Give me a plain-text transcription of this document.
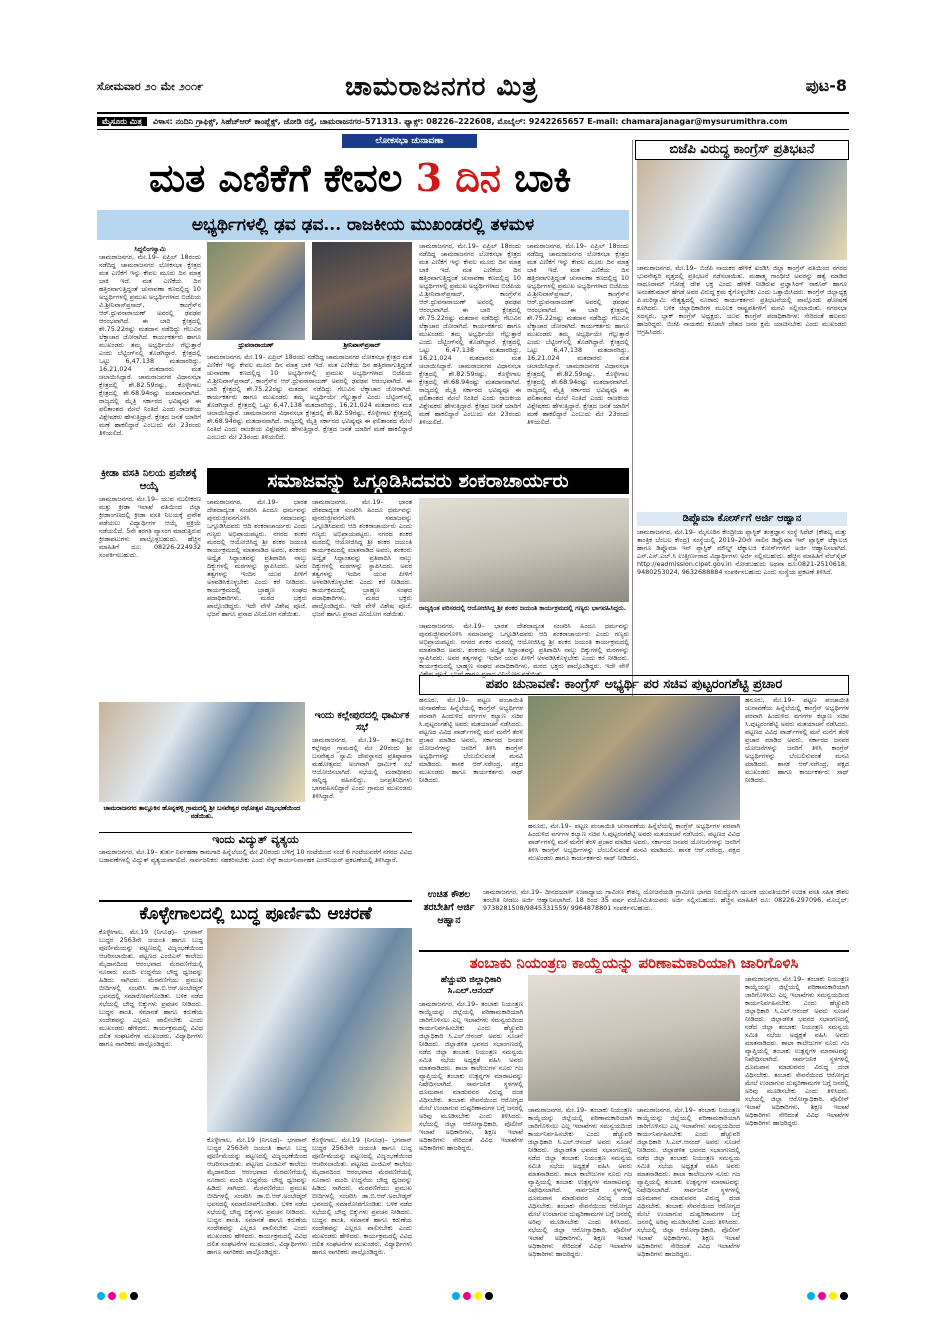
ಸೋಮವಾರ ೨೦ ಮೇ ೨೦೧೯	ಚಾಮರಾಜನಗರ ಮಿತ್ರ	ಪುಟ-8
ಮೈಸೂರು ಮಿತ್ರ ವಿಳಾಸ: ನಂದಿನಿ ಗ್ರಾಫಿಕ್ಸ್, ಸಿಹೆಚ್‌ಆರ್ ಕಾಂಪ್ಲೆಕ್ಸ್, ಜೋಡಿ ರಸ್ತೆ, ಚಾಮರಾಜನಗರ–571313. ಫ್ಯಾಕ್ಸ್: 08226–222608, ಮೊಬೈಲ್: 9242265657 E-mail: chamarajanagar@mysurumithra.com
ಲೋಕಸಭಾ ಚುನಾವಣಾ
ಮತ ಎಣಿಕೆಗೆ ಕೇವಲ 3 ದಿನ ಬಾಕಿ
ಅಭ್ಯರ್ಥಿಗಳಲ್ಲಿ ಢವ ಢವ... ರಾಜಕೀಯ ಮುಖಂಡರಲ್ಲಿ ತಳಮಳ
ಸಿದ್ದಲಿಂಗಸ್ವಾಮಿ
ಚಾಮರಾಜನಗರ, ಮೇ.19– ಏಪ್ರಿಲ್ 18ರಂದು ನಡೆದಿದ್ದ ಚಾಮರಾಜನಗರ ಲೋಕಸಭಾ ಕ್ಷೇತ್ರದ ಮತ ಎಣಿಕೆಗೆ ಇನ್ನು ಕೇವಲ ಮೂರು ದಿನ ಮಾತ್ರ ಬಾಕಿ ಇದೆ. ಮತ ಎಣಿಕೆಯ ದಿನ ಹತ್ತಿರವಾಗುತ್ತಿದ್ದಂತೆ ಚುನಾವಣಾ ಕಣದಲ್ಲಿದ್ದ 10 ಅಭ್ಯರ್ಥಿಗಳಲ್ಲಿ ಪ್ರಮುಖ ಅಭ್ಯರ್ಥಿಗಳಾದ ಬಿಜೆಪಿಯ ವಿ.ಶ್ರೀನಿವಾಸ್‌ಪ್ರಸಾದ್, ಕಾಂಗ್ರೆಸ್‌ನ ಆರ್.ಧ್ರುವನಾರಾಯಣ್ ಅವರಲ್ಲಿ ಢವಢವ ಆರಂಭವಾಗಿದೆ. ಈ ಬಾರಿ ಕ್ಷೇತ್ರದಲ್ಲಿ ಶೇ.75.22ರಷ್ಟು ಮತದಾನ ನಡೆದಿದ್ದು ಗೆಲುವಿನ ಲೆಕ್ಕಾಚಾರ ಜೋರಾಗಿದೆ. ಕಾರ್ಯಕರ್ತರು ಹಾಗೂ ಮುಖಂಡರು ತಮ್ಮ ಅಭ್ಯರ್ಥಿಯೇ ಗೆಲ್ಲುತ್ತಾರೆ ಎಂದು ಬೆಟ್ಟಿಂಗ್‌ನಲ್ಲಿ ತೊಡಗಿದ್ದಾರೆ. ಕ್ಷೇತ್ರದಲ್ಲಿ ಒಟ್ಟು 6,47,138 ಮತದಾರರಿದ್ದು, 16,21,024 ಮತದಾರರು ಮತ ಚಲಾಯಿಸಿದ್ದಾರೆ. ಚಾಮರಾಜನಗರ ವಿಧಾನಸಭಾ ಕ್ಷೇತ್ರದಲ್ಲಿ ಶೇ.82.59ರಷ್ಟು, ಕೊಳ್ಳೇಗಾಲ ಕ್ಷೇತ್ರದಲ್ಲಿ ಶೇ.68.94ರಷ್ಟು ಮತದಾನವಾಗಿದೆ. ರಾಜ್ಯದಲ್ಲಿ ಮೈತ್ರಿ ಸರ್ಕಾರದ ಭವಿಷ್ಯವೂ ಈ ಫಲಿತಾಂಶದ ಮೇಲೆ ನಿಂತಿದೆ ಎಂದು ರಾಜಕೀಯ ವಿಶ್ಲೇಷಕರು ಹೇಳುತ್ತಿದ್ದಾರೆ. ಕ್ಷೇತ್ರದ ಜನತೆ ಯಾರಿಗೆ ಮಣೆ ಹಾಕಲಿದ್ದಾರೆ ಎಂಬುದು ಮೇ 23ರಂದು ತಿಳಿಯಲಿದೆ.
ಧ್ರುವನಾರಾಯಣ್	ಶ್ರೀನಿವಾಸ್‌ಪ್ರಸಾದ್
ಚಾಮರಾಜನಗರ, ಮೇ.19– ಏಪ್ರಿಲ್ 18ರಂದು ನಡೆದಿದ್ದ ಚಾಮರಾಜನಗರ ಲೋಕಸಭಾ ಕ್ಷೇತ್ರದ ಮತ ಎಣಿಕೆಗೆ ಇನ್ನು ಕೇವಲ ಮೂರು ದಿನ ಮಾತ್ರ ಬಾಕಿ ಇದೆ. ಮತ ಎಣಿಕೆಯ ದಿನ ಹತ್ತಿರವಾಗುತ್ತಿದ್ದಂತೆ ಚುನಾವಣಾ ಕಣದಲ್ಲಿದ್ದ 10 ಅಭ್ಯರ್ಥಿಗಳಲ್ಲಿ ಪ್ರಮುಖ ಅಭ್ಯರ್ಥಿಗಳಾದ ಬಿಜೆಪಿಯ ವಿ.ಶ್ರೀನಿವಾಸ್‌ಪ್ರಸಾದ್, ಕಾಂಗ್ರೆಸ್‌ನ ಆರ್.ಧ್ರುವನಾರಾಯಣ್ ಅವರಲ್ಲಿ ಢವಢವ ಆರಂಭವಾಗಿದೆ. ಈ ಬಾರಿ ಕ್ಷೇತ್ರದಲ್ಲಿ ಶೇ.75.22ರಷ್ಟು ಮತದಾನ ನಡೆದಿದ್ದು ಗೆಲುವಿನ ಲೆಕ್ಕಾಚಾರ ಜೋರಾಗಿದೆ. ಕಾರ್ಯಕರ್ತರು ಹಾಗೂ ಮುಖಂಡರು ತಮ್ಮ ಅಭ್ಯರ್ಥಿಯೇ ಗೆಲ್ಲುತ್ತಾರೆ ಎಂದು ಬೆಟ್ಟಿಂಗ್‌ನಲ್ಲಿ ತೊಡಗಿದ್ದಾರೆ. ಕ್ಷೇತ್ರದಲ್ಲಿ ಒಟ್ಟು 6,47,138 ಮತದಾರರಿದ್ದು, 16,21,024 ಮತದಾರರು ಮತ ಚಲಾಯಿಸಿದ್ದಾರೆ. ಚಾಮರಾಜನಗರ ವಿಧಾನಸಭಾ ಕ್ಷೇತ್ರದಲ್ಲಿ ಶೇ.82.59ರಷ್ಟು, ಕೊಳ್ಳೇಗಾಲ ಕ್ಷೇತ್ರದಲ್ಲಿ ಶೇ.68.94ರಷ್ಟು ಮತದಾನವಾಗಿದೆ. ರಾಜ್ಯದಲ್ಲಿ ಮೈತ್ರಿ ಸರ್ಕಾರದ ಭವಿಷ್ಯವೂ ಈ ಫಲಿತಾಂಶದ ಮೇಲೆ ನಿಂತಿದೆ ಎಂದು ರಾಜಕೀಯ ವಿಶ್ಲೇಷಕರು ಹೇಳುತ್ತಿದ್ದಾರೆ. ಕ್ಷೇತ್ರದ ಜನತೆ ಯಾರಿಗೆ ಮಣೆ ಹಾಕಲಿದ್ದಾರೆ ಎಂಬುದು ಮೇ 23ರಂದು ತಿಳಿಯಲಿದೆ.
ಚಾಮರಾಜನಗರ, ಮೇ.19– ಏಪ್ರಿಲ್ 18ರಂದು ನಡೆದಿದ್ದ ಚಾಮರಾಜನಗರ ಲೋಕಸಭಾ ಕ್ಷೇತ್ರದ ಮತ ಎಣಿಕೆಗೆ ಇನ್ನು ಕೇವಲ ಮೂರು ದಿನ ಮಾತ್ರ ಬಾಕಿ ಇದೆ. ಮತ ಎಣಿಕೆಯ ದಿನ ಹತ್ತಿರವಾಗುತ್ತಿದ್ದಂತೆ ಚುನಾವಣಾ ಕಣದಲ್ಲಿದ್ದ 10 ಅಭ್ಯರ್ಥಿಗಳಲ್ಲಿ ಪ್ರಮುಖ ಅಭ್ಯರ್ಥಿಗಳಾದ ಬಿಜೆಪಿಯ ವಿ.ಶ್ರೀನಿವಾಸ್‌ಪ್ರಸಾದ್, ಕಾಂಗ್ರೆಸ್‌ನ ಆರ್.ಧ್ರುವನಾರಾಯಣ್ ಅವರಲ್ಲಿ ಢವಢವ ಆರಂಭವಾಗಿದೆ. ಈ ಬಾರಿ ಕ್ಷೇತ್ರದಲ್ಲಿ ಶೇ.75.22ರಷ್ಟು ಮತದಾನ ನಡೆದಿದ್ದು ಗೆಲುವಿನ ಲೆಕ್ಕಾಚಾರ ಜೋರಾಗಿದೆ. ಕಾರ್ಯಕರ್ತರು ಹಾಗೂ ಮುಖಂಡರು ತಮ್ಮ ಅಭ್ಯರ್ಥಿಯೇ ಗೆಲ್ಲುತ್ತಾರೆ ಎಂದು ಬೆಟ್ಟಿಂಗ್‌ನಲ್ಲಿ ತೊಡಗಿದ್ದಾರೆ. ಕ್ಷೇತ್ರದಲ್ಲಿ ಒಟ್ಟು 6,47,138 ಮತದಾರರಿದ್ದು, 16,21,024 ಮತದಾರರು ಮತ ಚಲಾಯಿಸಿದ್ದಾರೆ. ಚಾಮರಾಜನಗರ ವಿಧಾನಸಭಾ ಕ್ಷೇತ್ರದಲ್ಲಿ ಶೇ.82.59ರಷ್ಟು, ಕೊಳ್ಳೇಗಾಲ ಕ್ಷೇತ್ರದಲ್ಲಿ ಶೇ.68.94ರಷ್ಟು ಮತದಾನವಾಗಿದೆ. ರಾಜ್ಯದಲ್ಲಿ ಮೈತ್ರಿ ಸರ್ಕಾರದ ಭವಿಷ್ಯವೂ ಈ ಫಲಿತಾಂಶದ ಮೇಲೆ ನಿಂತಿದೆ ಎಂದು ರಾಜಕೀಯ ವಿಶ್ಲೇಷಕರು ಹೇಳುತ್ತಿದ್ದಾರೆ. ಕ್ಷೇತ್ರದ ಜನತೆ ಯಾರಿಗೆ ಮಣೆ ಹಾಕಲಿದ್ದಾರೆ ಎಂಬುದು ಮೇ 23ರಂದು ತಿಳಿಯಲಿದೆ.
ಚಾಮರಾಜನಗರ, ಮೇ.19– ಏಪ್ರಿಲ್ 18ರಂದು ನಡೆದಿದ್ದ ಚಾಮರಾಜನಗರ ಲೋಕಸಭಾ ಕ್ಷೇತ್ರದ ಮತ ಎಣಿಕೆಗೆ ಇನ್ನು ಕೇವಲ ಮೂರು ದಿನ ಮಾತ್ರ ಬಾಕಿ ಇದೆ. ಮತ ಎಣಿಕೆಯ ದಿನ ಹತ್ತಿರವಾಗುತ್ತಿದ್ದಂತೆ ಚುನಾವಣಾ ಕಣದಲ್ಲಿದ್ದ 10 ಅಭ್ಯರ್ಥಿಗಳಲ್ಲಿ ಪ್ರಮುಖ ಅಭ್ಯರ್ಥಿಗಳಾದ ಬಿಜೆಪಿಯ ವಿ.ಶ್ರೀನಿವಾಸ್‌ಪ್ರಸಾದ್, ಕಾಂಗ್ರೆಸ್‌ನ ಆರ್.ಧ್ರುವನಾರಾಯಣ್ ಅವರಲ್ಲಿ ಢವಢವ ಆರಂಭವಾಗಿದೆ. ಈ ಬಾರಿ ಕ್ಷೇತ್ರದಲ್ಲಿ ಶೇ.75.22ರಷ್ಟು ಮತದಾನ ನಡೆದಿದ್ದು ಗೆಲುವಿನ ಲೆಕ್ಕಾಚಾರ ಜೋರಾಗಿದೆ. ಕಾರ್ಯಕರ್ತರು ಹಾಗೂ ಮುಖಂಡರು ತಮ್ಮ ಅಭ್ಯರ್ಥಿಯೇ ಗೆಲ್ಲುತ್ತಾರೆ ಎಂದು ಬೆಟ್ಟಿಂಗ್‌ನಲ್ಲಿ ತೊಡಗಿದ್ದಾರೆ. ಕ್ಷೇತ್ರದಲ್ಲಿ ಒಟ್ಟು 6,47,138 ಮತದಾರರಿದ್ದು, 16,21,024 ಮತದಾರರು ಮತ ಚಲಾಯಿಸಿದ್ದಾರೆ. ಚಾಮರಾಜನಗರ ವಿಧಾನಸಭಾ ಕ್ಷೇತ್ರದಲ್ಲಿ ಶೇ.82.59ರಷ್ಟು, ಕೊಳ್ಳೇಗಾಲ ಕ್ಷೇತ್ರದಲ್ಲಿ ಶೇ.68.94ರಷ್ಟು ಮತದಾನವಾಗಿದೆ. ರಾಜ್ಯದಲ್ಲಿ ಮೈತ್ರಿ ಸರ್ಕಾರದ ಭವಿಷ್ಯವೂ ಈ ಫಲಿತಾಂಶದ ಮೇಲೆ ನಿಂತಿದೆ ಎಂದು ರಾಜಕೀಯ ವಿಶ್ಲೇಷಕರು ಹೇಳುತ್ತಿದ್ದಾರೆ. ಕ್ಷೇತ್ರದ ಜನತೆ ಯಾರಿಗೆ ಮಣೆ ಹಾಕಲಿದ್ದಾರೆ ಎಂಬುದು ಮೇ 23ರಂದು ತಿಳಿಯಲಿದೆ.
ಬಿಜೆಪಿ ವಿರುದ್ಧ ಕಾಂಗ್ರೆಸ್ ಪ್ರತಿಭಟನೆ
ಚಾಮರಾಜನಗರ, ಮೇ.19– ಬಿಜೆಪಿ ನಾಯಕರ ಹೇಳಿಕೆ ಖಂಡಿಸಿ ಜಿಲ್ಲಾ ಕಾಂಗ್ರೆಸ್ ವತಿಯಿಂದ ನಗರದ ಭುವನೇಶ್ವರಿ ವೃತ್ತದಲ್ಲಿ ಪ್ರತಿಭಟನೆ ನಡೆಸಲಾಯಿತು. ಮಹಾತ್ಮ ಗಾಂಧೀಜಿ ಅವರನ್ನು ಹತ್ಯೆ ಮಾಡಿದ ನಾಥೂರಾಮ್ ಗೋಡ್ಸೆ ದೇಶ ಭಕ್ತ ಎಂದು ಹೇಳಿಕೆ ನೀಡಿರುವ ಪ್ರಜ್ಞಾಸಿಂಗ್ ಠಾಕೂರ್ ಹಾಗೂ ಅನಂತಕುಮಾರ್ ಹೆಗಡೆ ಅವರ ವಿರುದ್ಧ ಕ್ರಮ ಕೈಗೊಳ್ಳಬೇಕು ಎಂದು ಒತ್ತಾಯಿಸಿದರು. ಕಾಂಗ್ರೆಸ್ ಜಿಲ್ಲಾಧ್ಯಕ್ಷ ಪಿ.ಮರಿಸ್ವಾಮಿ ನೇತೃತ್ವದಲ್ಲಿ ನೂರಾರು ಕಾರ್ಯಕರ್ತರು ಪ್ರತಿಭಟನೆಯಲ್ಲಿ ಪಾಲ್ಗೊಂಡು ಘೋಷಣೆ ಕೂಗಿದರು. ಬಳಿಕ ಜಿಲ್ಲಾಧಿಕಾರಿಗಳ ಮೂಲಕ ರಾಷ್ಟ್ರಪತಿಗಳಿಗೆ ಮನವಿ ಸಲ್ಲಿಸಲಾಯಿತು. ನಗರಸಭಾ ಸದಸ್ಯರು, ಬ್ಲಾಕ್ ಕಾಂಗ್ರೆಸ್ ಅಧ್ಯಕ್ಷರು, ಯುವ ಕಾಂಗ್ರೆಸ್ ಪದಾಧಿಕಾರಿಗಳು ಸೇರಿದಂತೆ ಹಲವರು ಹಾಜರಿದ್ದರು. ಬಿಜೆಪಿ ನಾಯಕರು ಕೂಡಲೇ ದೇಶದ ಜನರ ಕ್ಷಮೆ ಯಾಚಿಸಬೇಕು ಎಂದು ಮುಖಂಡರು ಆಗ್ರಹಿಸಿದರು.
ಡಿಪ್ಲೊಮಾ ಕೋರ್ಸ್‌ಗೆ ಅರ್ಜಿ ಆಹ್ವಾನ
ಚಾಮರಾಜನಗರ, ಮೇ.19– ಮೈಸೂರಿನ ಕೇಂದ್ರೀಯ ಪ್ಲಾಸ್ಟಿಕ್ ತಂತ್ರಜ್ಞಾನ ಸಂಸ್ಥೆ ಸಿಪೆಟ್ (ಕೌಶಲ್ಯ ಮತ್ತು ತಾಂತ್ರಿಕ ಬೆಂಬಲ ಕೇಂದ್ರ) ಸಂಸ್ಥೆಯಲ್ಲಿ 2019–20ನೇ ಸಾಲಿನ ಡಿಪ್ಲೊಮಾ ಇನ್ ಪ್ಲಾಸ್ಟಿಕ್ ಟೆಕ್ನಾಲಜಿ ಹಾಗೂ ಡಿಪ್ಲೊಮಾ ಇನ್ ಪ್ಲಾಸ್ಟಿಕ್ ಮೌಲ್ಡ್ ಟೆಕ್ನಾಲಜಿ ಕೋರ್ಸ್‌ಗಳಿಗೆ ಅರ್ಜಿ ಆಹ್ವಾನಿಸಲಾಗಿದೆ. ಎಸ್.ಎಸ್.ಎಲ್.ಸಿ ಉತ್ತೀರ್ಣರಾದ ವಿದ್ಯಾರ್ಥಿಗಳು ಅರ್ಜಿ ಸಲ್ಲಿಸಬಹುದು. ಹೆಚ್ಚಿನ ಮಾಹಿತಿಗೆ ವೆಬ್‌ಸೈಟ್ http://eadmission.cipet.gov.in ನೋಡಬಹುದು ಅಥವಾ ದೂ:0821-2510618, 9480253024, 9632688884 ಸಂಪರ್ಕಿಸಬಹುದು ಎಂದು ಸಂಸ್ಥೆಯ ಪ್ರಕಟಣೆ ತಿಳಿಸಿದೆ.
ಕ್ರೀಡಾ ವಸತಿ ನಿಲಯ ಪ್ರವೇಶಕ್ಕೆ ಆಯ್ಕೆ
ಚಾಮರಾಜನಗರ, ಮೇ.19– ಯುವ ಸಬಲೀಕರಣ ಮತ್ತು ಕ್ರೀಡಾ ಇಲಾಖೆ ವತಿಯಿಂದ ಜಿಲ್ಲಾ ಕ್ರೀಡಾಂಗಣದಲ್ಲಿ ಕ್ರೀಡಾ ವಸತಿ ನಿಲಯಕ್ಕೆ ಪ್ರವೇಶ ಪಡೆಯಲು ವಿದ್ಯಾರ್ಥಿಗಳ ಆಯ್ಕೆ ಪ್ರಕ್ರಿಯೆ ನಡೆಯಲಿದೆ. 5ನೇ ತರಗತಿ ವ್ಯಾಸಂಗ ಮಾಡುತ್ತಿರುವ ಕ್ರೀಡಾಪಟುಗಳು ಪಾಲ್ಗೊಳ್ಳಬಹುದು. ಹೆಚ್ಚಿನ ಮಾಹಿತಿಗೆ ದೂ: 08226-224932 ಸಂಪರ್ಕಿಸಬಹುದು.
ಸಮಾಜವನ್ನು ಒಗ್ಗೂಡಿಸಿದವರು ಶಂಕರಾಚಾರ್ಯರು
ಚಾಮರಾಜನಗರ, ಮೇ.19– ಭಾರತ ದೇಶದಾದ್ಯಂತ ಸಂಚರಿಸಿ ಹಿಂದೂ ಧರ್ಮವನ್ನು ಪುನರುಜ್ಜೀವನಗೊಳಿಸಿ ಸಮಾಜವನ್ನು ಒಗ್ಗೂಡಿಸಿದವರು ಆದಿ ಶಂಕರಾಚಾರ್ಯರು ಎಂದು ಗಣ್ಯರು ಅಭಿಪ್ರಾಯಪಟ್ಟರು. ನಗರದ ಶಂಕರ ಮಠದಲ್ಲಿ ಆಯೋಜಿಸಿದ್ದ ಶ್ರೀ ಶಂಕರ ಜಯಂತಿ ಕಾರ್ಯಕ್ರಮದಲ್ಲಿ ಮಾತನಾಡಿದ ಅವರು, ಶಂಕರರು ಅದ್ವೈತ ಸಿದ್ಧಾಂತವನ್ನು ಪ್ರತಿಪಾದಿಸಿ ನಾಲ್ಕು ದಿಕ್ಕುಗಳಲ್ಲಿ ಮಠಗಳನ್ನು ಸ್ಥಾಪಿಸಿದರು. ಅವರ ತತ್ವಗಳನ್ನು ಇಂದಿನ ಯುವ ಪೀಳಿಗೆ ಅಳವಡಿಸಿಕೊಳ್ಳಬೇಕು ಎಂದು ಕರೆ ನೀಡಿದರು. ಕಾರ್ಯಕ್ರಮದಲ್ಲಿ ಬ್ರಾಹ್ಮಣ ಸಂಘದ ಪದಾಧಿಕಾರಿಗಳು, ಮಠದ ಭಕ್ತರು ಪಾಲ್ಗೊಂಡಿದ್ದರು. ಇದೇ ವೇಳೆ ವಿಶೇಷ ಪೂಜೆ, ಭಜನೆ ಹಾಗೂ ಪ್ರಸಾದ ವಿನಿಯೋಗ ನಡೆಯಿತು.
ಚಾಮರಾಜನಗರ, ಮೇ.19– ಭಾರತ ದೇಶದಾದ್ಯಂತ ಸಂಚರಿಸಿ ಹಿಂದೂ ಧರ್ಮವನ್ನು ಪುನರುಜ್ಜೀವನಗೊಳಿಸಿ ಸಮಾಜವನ್ನು ಒಗ್ಗೂಡಿಸಿದವರು ಆದಿ ಶಂಕರಾಚಾರ್ಯರು ಎಂದು ಗಣ್ಯರು ಅಭಿಪ್ರಾಯಪಟ್ಟರು. ನಗರದ ಶಂಕರ ಮಠದಲ್ಲಿ ಆಯೋಜಿಸಿದ್ದ ಶ್ರೀ ಶಂಕರ ಜಯಂತಿ ಕಾರ್ಯಕ್ರಮದಲ್ಲಿ ಮಾತನಾಡಿದ ಅವರು, ಶಂಕರರು ಅದ್ವೈತ ಸಿದ್ಧಾಂತವನ್ನು ಪ್ರತಿಪಾದಿಸಿ ನಾಲ್ಕು ದಿಕ್ಕುಗಳಲ್ಲಿ ಮಠಗಳನ್ನು ಸ್ಥಾಪಿಸಿದರು. ಅವರ ತತ್ವಗಳನ್ನು ಇಂದಿನ ಯುವ ಪೀಳಿಗೆ ಅಳವಡಿಸಿಕೊಳ್ಳಬೇಕು ಎಂದು ಕರೆ ನೀಡಿದರು. ಕಾರ್ಯಕ್ರಮದಲ್ಲಿ ಬ್ರಾಹ್ಮಣ ಸಂಘದ ಪದಾಧಿಕಾರಿಗಳು, ಮಠದ ಭಕ್ತರು ಪಾಲ್ಗೊಂಡಿದ್ದರು. ಇದೇ ವೇಳೆ ವಿಶೇಷ ಪೂಜೆ, ಭಜನೆ ಹಾಗೂ ಪ್ರಸಾದ ವಿನಿಯೋಗ ನಡೆಯಿತು.
ರಾಜ್ಯಕ್ಕಿಂತ ಪರಿಸರದಲ್ಲಿ ಆಯೋಜಿಸಿದ್ದ ಶ್ರೀ ಶಂಕರ ಜಯಂತಿ ಕಾರ್ಯಕ್ರಮದಲ್ಲಿ ಗಣ್ಯರು ಭಾಗವಹಿಸಿದ್ದರು.
ಚಾಮರಾಜನಗರ, ಮೇ.19– ಭಾರತ ದೇಶದಾದ್ಯಂತ ಸಂಚರಿಸಿ ಹಿಂದೂ ಧರ್ಮವನ್ನು ಪುನರುಜ್ಜೀವನಗೊಳಿಸಿ ಸಮಾಜವನ್ನು ಒಗ್ಗೂಡಿಸಿದವರು ಆದಿ ಶಂಕರಾಚಾರ್ಯರು ಎಂದು ಗಣ್ಯರು ಅಭಿಪ್ರಾಯಪಟ್ಟರು. ನಗರದ ಶಂಕರ ಮಠದಲ್ಲಿ ಆಯೋಜಿಸಿದ್ದ ಶ್ರೀ ಶಂಕರ ಜಯಂತಿ ಕಾರ್ಯಕ್ರಮದಲ್ಲಿ ಮಾತನಾಡಿದ ಅವರು, ಶಂಕರರು ಅದ್ವೈತ ಸಿದ್ಧಾಂತವನ್ನು ಪ್ರತಿಪಾದಿಸಿ ನಾಲ್ಕು ದಿಕ್ಕುಗಳಲ್ಲಿ ಮಠಗಳನ್ನು ಸ್ಥಾಪಿಸಿದರು. ಅವರ ತತ್ವಗಳನ್ನು ಇಂದಿನ ಯುವ ಪೀಳಿಗೆ ಅಳವಡಿಸಿಕೊಳ್ಳಬೇಕು ಎಂದು ಕರೆ ನೀಡಿದರು. ಕಾರ್ಯಕ್ರಮದಲ್ಲಿ ಬ್ರಾಹ್ಮಣ ಸಂಘದ ಪದಾಧಿಕಾರಿಗಳು, ಮಠದ ಭಕ್ತರು ಪಾಲ್ಗೊಂಡಿದ್ದರು. ಇದೇ ವೇಳೆ ವಿಶೇಷ ಪೂಜೆ, ಭಜನೆ ಹಾಗೂ ಪ್ರಸಾದ ವಿನಿಯೋಗ ನಡೆಯಿತು.
ಇಂದು ಕಲ್ಲೇಪುರದಲ್ಲಿ ಧಾರ್ಮಿಕ ಸಭೆ
ಚಾಮರಾಜನಗರ, ಮೇ.19– ತಾಲ್ಲೂಕಿನ ಕಲ್ಲೇಪುರ ಗ್ರಾಮದಲ್ಲಿ ಮೇ 20ರಂದು ಶ್ರೀ ಬಸವೇಶ್ವರ ಸ್ವಾಮಿ ದೇವಸ್ಥಾನದ ಪ್ರತಿಷ್ಠಾಪನಾ ಮಹೋತ್ಸವದ ಅಂಗವಾಗಿ ಧಾರ್ಮಿಕ ಸಭೆ ಆಯೋಜಿಸಲಾಗಿದೆ. ಸಭೆಯಲ್ಲಿ ಮಠಾಧೀಶರು ಸಾನ್ನಿಧ್ಯ ವಹಿಸಲಿದ್ದು, ಜನಪ್ರತಿನಿಧಿಗಳು ಭಾಗವಹಿಸಲಿದ್ದಾರೆ ಎಂದು ಗ್ರಾಮದ ಮುಖಂಡರು ತಿಳಿಸಿದ್ದಾರೆ.
ಚಾಮರಾಜನಗರ ತಾಲ್ಲೂಕಿನ ಹೊನ್ನಹಳ್ಳಿ ಗ್ರಾಮದಲ್ಲಿ ಶ್ರೀ ಬಸವೇಶ್ವರ ರಥೋತ್ಸವ ವಿಜೃಂಭಣೆಯಿಂದ ನಡೆಯಿತು.
ಇಂದು ವಿದ್ಯುತ್ ವ್ಯತ್ಯಯ
ಚಾಮರಾಜನಗರ, ಮೇ.19– ತುರ್ತು ನಿರ್ವಹಣಾ ಕಾಮಗಾರಿ ಹಿನ್ನೆಲೆಯಲ್ಲಿ ಮೇ 20ರಂದು ಬೆಳಿಗ್ಗೆ 10 ಗಂಟೆಯಿಂದ ಸಂಜೆ 6 ಗಂಟೆಯವರೆಗೆ ನಗರದ ವಿವಿಧ ಬಡಾವಣೆಗಳಲ್ಲಿ ವಿದ್ಯುತ್ ವ್ಯತ್ಯಯವಾಗಲಿದೆ. ಸಾರ್ವಜನಿಕರು ಸಹಕರಿಸಬೇಕು ಎಂದು ಸೆಸ್ಕ್ ಕಾರ್ಯನಿರ್ವಾಹಕ ಎಂಜಿನಿಯರ್ ಪ್ರಕಟಣೆಯಲ್ಲಿ ತಿಳಿಸಿದ್ದಾರೆ.
ಪಪಂ ಚುನಾವಣೆ: ಕಾಂಗ್ರೆಸ್ ಅಭ್ಯರ್ಥಿ ಪರ ಸಚಿವ ಪುಟ್ಟರಂಗಶೆಟ್ಟಿ ಪ್ರಚಾರ
ಹನೂರು, ಮೇ.19– ಪಟ್ಟಣ ಪಂಚಾಯಿತಿ ಚುನಾವಣೆಯ ಹಿನ್ನೆಲೆಯಲ್ಲಿ ಕಾಂಗ್ರೆಸ್ ಅಭ್ಯರ್ಥಿಗಳ ಪರವಾಗಿ ಹಿಂದುಳಿದ ವರ್ಗಗಳ ಕಲ್ಯಾಣ ಸಚಿವ ಸಿ.ಪುಟ್ಟರಂಗಶೆಟ್ಟಿ ಅವರು ಮತಯಾಚನೆ ನಡೆಸಿದರು. ಪಟ್ಟಣದ ವಿವಿಧ ವಾರ್ಡ್‌ಗಳಲ್ಲಿ ಮನೆ ಮನೆಗೆ ತೆರಳಿ ಪ್ರಚಾರ ಮಾಡಿದ ಅವರು, ಸರ್ಕಾರದ ಜನಪರ ಯೋಜನೆಗಳನ್ನು ಜನರಿಗೆ ತಿಳಿಸಿ ಕಾಂಗ್ರೆಸ್ ಅಭ್ಯರ್ಥಿಗಳನ್ನು ಬೆಂಬಲಿಸುವಂತೆ ಮನವಿ ಮಾಡಿದರು. ಶಾಸಕ ಆರ್.ನರೇಂದ್ರ, ಪಕ್ಷದ ಮುಖಂಡರು ಹಾಗೂ ಕಾರ್ಯಕರ್ತರು ಸಾಥ್ ನೀಡಿದರು.
ಹನೂರು, ಮೇ.19– ಪಟ್ಟಣ ಪಂಚಾಯಿತಿ ಚುನಾವಣೆಯ ಹಿನ್ನೆಲೆಯಲ್ಲಿ ಕಾಂಗ್ರೆಸ್ ಅಭ್ಯರ್ಥಿಗಳ ಪರವಾಗಿ ಹಿಂದುಳಿದ ವರ್ಗಗಳ ಕಲ್ಯಾಣ ಸಚಿವ ಸಿ.ಪುಟ್ಟರಂಗಶೆಟ್ಟಿ ಅವರು ಮತಯಾಚನೆ ನಡೆಸಿದರು. ಪಟ್ಟಣದ ವಿವಿಧ ವಾರ್ಡ್‌ಗಳಲ್ಲಿ ಮನೆ ಮನೆಗೆ ತೆರಳಿ ಪ್ರಚಾರ ಮಾಡಿದ ಅವರು, ಸರ್ಕಾರದ ಜನಪರ ಯೋಜನೆಗಳನ್ನು ಜನರಿಗೆ ತಿಳಿಸಿ ಕಾಂಗ್ರೆಸ್ ಅಭ್ಯರ್ಥಿಗಳನ್ನು ಬೆಂಬಲಿಸುವಂತೆ ಮನವಿ ಮಾಡಿದರು. ಶಾಸಕ ಆರ್.ನರೇಂದ್ರ, ಪಕ್ಷದ ಮುಖಂಡರು ಹಾಗೂ ಕಾರ್ಯಕರ್ತರು ಸಾಥ್ ನೀಡಿದರು.
ಹನೂರು, ಮೇ.19– ಪಟ್ಟಣ ಪಂಚಾಯಿತಿ ಚುನಾವಣೆಯ ಹಿನ್ನೆಲೆಯಲ್ಲಿ ಕಾಂಗ್ರೆಸ್ ಅಭ್ಯರ್ಥಿಗಳ ಪರವಾಗಿ ಹಿಂದುಳಿದ ವರ್ಗಗಳ ಕಲ್ಯಾಣ ಸಚಿವ ಸಿ.ಪುಟ್ಟರಂಗಶೆಟ್ಟಿ ಅವರು ಮತಯಾಚನೆ ನಡೆಸಿದರು. ಪಟ್ಟಣದ ವಿವಿಧ ವಾರ್ಡ್‌ಗಳಲ್ಲಿ ಮನೆ ಮನೆಗೆ ತೆರಳಿ ಪ್ರಚಾರ ಮಾಡಿದ ಅವರು, ಸರ್ಕಾರದ ಜನಪರ ಯೋಜನೆಗಳನ್ನು ಜನರಿಗೆ ತಿಳಿಸಿ ಕಾಂಗ್ರೆಸ್ ಅಭ್ಯರ್ಥಿಗಳನ್ನು ಬೆಂಬಲಿಸುವಂತೆ ಮನವಿ ಮಾಡಿದರು. ಶಾಸಕ ಆರ್.ನರೇಂದ್ರ, ಪಕ್ಷದ ಮುಖಂಡರು ಹಾಗೂ ಕಾರ್ಯಕರ್ತರು ಸಾಥ್ ನೀಡಿದರು.
ಉಚಿತ ಕೌಶಲ ತರಬೇತಿಗೆ ಅರ್ಜಿ ಆಹ್ವಾನ
ಚಾಮರಾಜನಗರ, ಮೇ.19– ದೀನದಯಾಳ್ ಉಪಾಧ್ಯಾಯ ಗ್ರಾಮೀಣ ಕೌಶಲ್ಯ ಯೋಜನೆಯಡಿ ಗ್ರಾಮೀಣ ಭಾಗದ ನಿರುದ್ಯೋಗಿ ಯುವಕ ಯುವತಿಯರಿಗೆ ಉಚಿತ ವಸತಿ ಸಹಿತ ಕೌಶಲ ತರಬೇತಿ ನೀಡಲು ಅರ್ಜಿ ಆಹ್ವಾನಿಸಲಾಗಿದೆ. 18 ರಿಂದ 35 ವರ್ಷ ವಯೋಮಿತಿಯವರು ಅರ್ಜಿ ಸಲ್ಲಿಸಬಹುದು. ಹೆಚ್ಚಿನ ಮಾಹಿತಿಗೆ ದೂ: 08226-297096, ಮೊಬೈಲ್: 9738281508/9845331559/ 9964878801 ಸಂಪರ್ಕಿಸಬಹುದು.
ಕೊಳ್ಳೇಗಾಲದಲ್ಲಿ ಬುದ್ಧ ಪೂರ್ಣಿಮೆ ಆಚರಣೆ
ಕೊಳ್ಳೇಗಾಲ, ಮೇ.19 (ನಿಗೂಢ)– ಭಗವಾನ್ ಬುದ್ಧರ 2563ನೇ ಜಯಂತಿ ಹಾಗೂ ಬುದ್ಧ ಪೂರ್ಣಿಮೆಯನ್ನು ಪಟ್ಟಣದಲ್ಲಿ ವಿಜೃಂಭಣೆಯಿಂದ ಆಚರಿಸಲಾಯಿತು. ಪಟ್ಟಣದ ಎಂಜಿಎಸ್ ಕಾಲೇಜು ಮೈದಾನದಿಂದ ಆರಂಭವಾದ ಮೆರವಣಿಗೆಯಲ್ಲಿ ನೂರಾರು ಮಂದಿ ಉದ್ದನೆಯ ಬೌದ್ಧ ಧ್ವಜವನ್ನು ಹಿಡಿದು ಸಾಗಿದರು. ಮೆರವಣಿಗೆಯು ಪ್ರಮುಖ ಬೀದಿಗಳಲ್ಲಿ ಸಂಚರಿಸಿ ಡಾ.ಬಿ.ಆರ್.ಅಂಬೇಡ್ಕರ್ ಭವನದಲ್ಲಿ ಸಮಾರೋಪಗೊಂಡಿತು. ಬಳಿಕ ನಡೆದ ಸಭೆಯಲ್ಲಿ ಬೌದ್ಧ ಬಿಕ್ಕುಗಳು ಪ್ರವಚನ ನೀಡಿದರು. ಬುದ್ಧನ ಶಾಂತಿ, ಸಮಾನತೆ ಹಾಗೂ ಕರುಣೆಯ ಸಂದೇಶವನ್ನು ಎಲ್ಲರೂ ಪಾಲಿಸಬೇಕು ಎಂದು ಮುಖಂಡರು ಹೇಳಿದರು. ಕಾರ್ಯಕ್ರಮದಲ್ಲಿ ವಿವಿಧ ದಲಿತ ಸಂಘಟನೆಗಳ ಮುಖಂಡರು, ವಿದ್ಯಾರ್ಥಿಗಳು ಹಾಗೂ ನಾಗರಿಕರು ಪಾಲ್ಗೊಂಡಿದ್ದರು.
ಕೊಳ್ಳೇಗಾಲ, ಮೇ.19 (ನಿಗೂಢ)– ಭಗವಾನ್ ಬುದ್ಧರ 2563ನೇ ಜಯಂತಿ ಹಾಗೂ ಬುದ್ಧ ಪೂರ್ಣಿಮೆಯನ್ನು ಪಟ್ಟಣದಲ್ಲಿ ವಿಜೃಂಭಣೆಯಿಂದ ಆಚರಿಸಲಾಯಿತು. ಪಟ್ಟಣದ ಎಂಜಿಎಸ್ ಕಾಲೇಜು ಮೈದಾನದಿಂದ ಆರಂಭವಾದ ಮೆರವಣಿಗೆಯಲ್ಲಿ ನೂರಾರು ಮಂದಿ ಉದ್ದನೆಯ ಬೌದ್ಧ ಧ್ವಜವನ್ನು ಹಿಡಿದು ಸಾಗಿದರು. ಮೆರವಣಿಗೆಯು ಪ್ರಮುಖ ಬೀದಿಗಳಲ್ಲಿ ಸಂಚರಿಸಿ ಡಾ.ಬಿ.ಆರ್.ಅಂಬೇಡ್ಕರ್ ಭವನದಲ್ಲಿ ಸಮಾರೋಪಗೊಂಡಿತು. ಬಳಿಕ ನಡೆದ ಸಭೆಯಲ್ಲಿ ಬೌದ್ಧ ಬಿಕ್ಕುಗಳು ಪ್ರವಚನ ನೀಡಿದರು. ಬುದ್ಧನ ಶಾಂತಿ, ಸಮಾನತೆ ಹಾಗೂ ಕರುಣೆಯ ಸಂದೇಶವನ್ನು ಎಲ್ಲರೂ ಪಾಲಿಸಬೇಕು ಎಂದು ಮುಖಂಡರು ಹೇಳಿದರು. ಕಾರ್ಯಕ್ರಮದಲ್ಲಿ ವಿವಿಧ ದಲಿತ ಸಂಘಟನೆಗಳ ಮುಖಂಡರು, ವಿದ್ಯಾರ್ಥಿಗಳು ಹಾಗೂ ನಾಗರಿಕರು ಪಾಲ್ಗೊಂಡಿದ್ದರು.
ಕೊಳ್ಳೇಗಾಲ, ಮೇ.19 (ನಿಗೂಢ)– ಭಗವಾನ್ ಬುದ್ಧರ 2563ನೇ ಜಯಂತಿ ಹಾಗೂ ಬುದ್ಧ ಪೂರ್ಣಿಮೆಯನ್ನು ಪಟ್ಟಣದಲ್ಲಿ ವಿಜೃಂಭಣೆಯಿಂದ ಆಚರಿಸಲಾಯಿತು. ಪಟ್ಟಣದ ಎಂಜಿಎಸ್ ಕಾಲೇಜು ಮೈದಾನದಿಂದ ಆರಂಭವಾದ ಮೆರವಣಿಗೆಯಲ್ಲಿ ನೂರಾರು ಮಂದಿ ಉದ್ದನೆಯ ಬೌದ್ಧ ಧ್ವಜವನ್ನು ಹಿಡಿದು ಸಾಗಿದರು. ಮೆರವಣಿಗೆಯು ಪ್ರಮುಖ ಬೀದಿಗಳಲ್ಲಿ ಸಂಚರಿಸಿ ಡಾ.ಬಿ.ಆರ್.ಅಂಬೇಡ್ಕರ್ ಭವನದಲ್ಲಿ ಸಮಾರೋಪಗೊಂಡಿತು. ಬಳಿಕ ನಡೆದ ಸಭೆಯಲ್ಲಿ ಬೌದ್ಧ ಬಿಕ್ಕುಗಳು ಪ್ರವಚನ ನೀಡಿದರು. ಬುದ್ಧನ ಶಾಂತಿ, ಸಮಾನತೆ ಹಾಗೂ ಕರುಣೆಯ ಸಂದೇಶವನ್ನು ಎಲ್ಲರೂ ಪಾಲಿಸಬೇಕು ಎಂದು ಮುಖಂಡರು ಹೇಳಿದರು. ಕಾರ್ಯಕ್ರಮದಲ್ಲಿ ವಿವಿಧ ದಲಿತ ಸಂಘಟನೆಗಳ ಮುಖಂಡರು, ವಿದ್ಯಾರ್ಥಿಗಳು ಹಾಗೂ ನಾಗರಿಕರು ಪಾಲ್ಗೊಂಡಿದ್ದರು.
ತಂಬಾಕು ನಿಯಂತ್ರಣ ಕಾಯ್ದೆಯನ್ನು ಪರಿಣಾಮಕಾರಿಯಾಗಿ ಜಾರಿಗೊಳಿಸಿ
ಹೆಚ್ಚುವರಿ ಜಿಲ್ಲಾಧಿಕಾರಿ ಸಿ.ಎಲ್.ಆನಂದ್
ಚಾಮರಾಜನಗರ, ಮೇ.19– ತಂಬಾಕು ನಿಯಂತ್ರಣ ಕಾಯ್ದೆಯನ್ನು ಜಿಲ್ಲೆಯಲ್ಲಿ ಪರಿಣಾಮಕಾರಿಯಾಗಿ ಜಾರಿಗೊಳಿಸಲು ಎಲ್ಲ ಇಲಾಖೆಗಳು ಸಮನ್ವಯದಿಂದ ಕಾರ್ಯನಿರ್ವಹಿಸಬೇಕು ಎಂದು ಹೆಚ್ಚುವರಿ ಜಿಲ್ಲಾಧಿಕಾರಿ ಸಿ.ಎಲ್.ಆನಂದ್ ಅವರು ಸೂಚನೆ ನೀಡಿದರು. ಜಿಲ್ಲಾಡಳಿತ ಭವನದ ಸಭಾಂಗಣದಲ್ಲಿ ನಡೆದ ಜಿಲ್ಲಾ ತಂಬಾಕು ನಿಯಂತ್ರಣ ಸಮನ್ವಯ ಸಮಿತಿ ಸಭೆಯ ಅಧ್ಯಕ್ಷತೆ ವಹಿಸಿ ಅವರು ಮಾತನಾಡಿದರು. ಶಾಲಾ ಕಾಲೇಜುಗಳ ನೂರು ಗಜ ವ್ಯಾಪ್ತಿಯಲ್ಲಿ ತಂಬಾಕು ಉತ್ಪನ್ನಗಳ ಮಾರಾಟವನ್ನು ನಿಷೇಧಿಸಲಾಗಿದೆ. ಸಾರ್ವಜನಿಕ ಸ್ಥಳಗಳಲ್ಲಿ ಧೂಮಪಾನ ಮಾಡುವವರ ವಿರುದ್ಧ ದಂಡ ವಿಧಿಸಬೇಕು. ತಂಬಾಕು ಸೇವನೆಯಿಂದ ಆರೋಗ್ಯದ ಮೇಲೆ ಉಂಟಾಗುವ ದುಷ್ಪರಿಣಾಮಗಳ ಬಗ್ಗೆ ಜನರಲ್ಲಿ ಅರಿವು ಮೂಡಿಸಬೇಕು ಎಂದು ತಿಳಿಸಿದರು. ಸಭೆಯಲ್ಲಿ ಜಿಲ್ಲಾ ಆರೋಗ್ಯಾಧಿಕಾರಿ, ಪೊಲೀಸ್ ಇಲಾಖೆ ಅಧಿಕಾರಿಗಳು, ಶಿಕ್ಷಣ ಇಲಾಖೆ ಅಧಿಕಾರಿಗಳು ಸೇರಿದಂತೆ ವಿವಿಧ ಇಲಾಖೆಗಳ ಅಧಿಕಾರಿಗಳು ಹಾಜರಿದ್ದರು.
ಚಾಮರಾಜನಗರ, ಮೇ.19– ತಂಬಾಕು ನಿಯಂತ್ರಣ ಕಾಯ್ದೆಯನ್ನು ಜಿಲ್ಲೆಯಲ್ಲಿ ಪರಿಣಾಮಕಾರಿಯಾಗಿ ಜಾರಿಗೊಳಿಸಲು ಎಲ್ಲ ಇಲಾಖೆಗಳು ಸಮನ್ವಯದಿಂದ ಕಾರ್ಯನಿರ್ವಹಿಸಬೇಕು ಎಂದು ಹೆಚ್ಚುವರಿ ಜಿಲ್ಲಾಧಿಕಾರಿ ಸಿ.ಎಲ್.ಆನಂದ್ ಅವರು ಸೂಚನೆ ನೀಡಿದರು. ಜಿಲ್ಲಾಡಳಿತ ಭವನದ ಸಭಾಂಗಣದಲ್ಲಿ ನಡೆದ ಜಿಲ್ಲಾ ತಂಬಾಕು ನಿಯಂತ್ರಣ ಸಮನ್ವಯ ಸಮಿತಿ ಸಭೆಯ ಅಧ್ಯಕ್ಷತೆ ವಹಿಸಿ ಅವರು ಮಾತನಾಡಿದರು. ಶಾಲಾ ಕಾಲೇಜುಗಳ ನೂರು ಗಜ ವ್ಯಾಪ್ತಿಯಲ್ಲಿ ತಂಬಾಕು ಉತ್ಪನ್ನಗಳ ಮಾರಾಟವನ್ನು ನಿಷೇಧಿಸಲಾಗಿದೆ. ಸಾರ್ವಜನಿಕ ಸ್ಥಳಗಳಲ್ಲಿ ಧೂಮಪಾನ ಮಾಡುವವರ ವಿರುದ್ಧ ದಂಡ ವಿಧಿಸಬೇಕು. ತಂಬಾಕು ಸೇವನೆಯಿಂದ ಆರೋಗ್ಯದ ಮೇಲೆ ಉಂಟಾಗುವ ದುಷ್ಪರಿಣಾಮಗಳ ಬಗ್ಗೆ ಜನರಲ್ಲಿ ಅರಿವು ಮೂಡಿಸಬೇಕು ಎಂದು ತಿಳಿಸಿದರು. ಸಭೆಯಲ್ಲಿ ಜಿಲ್ಲಾ ಆರೋಗ್ಯಾಧಿಕಾರಿ, ಪೊಲೀಸ್ ಇಲಾಖೆ ಅಧಿಕಾರಿಗಳು, ಶಿಕ್ಷಣ ಇಲಾಖೆ ಅಧಿಕಾರಿಗಳು ಸೇರಿದಂತೆ ವಿವಿಧ ಇಲಾಖೆಗಳ ಅಧಿಕಾರಿಗಳು ಹಾಜರಿದ್ದರು.
ಚಾಮರಾಜನಗರ, ಮೇ.19– ತಂಬಾಕು ನಿಯಂತ್ರಣ ಕಾಯ್ದೆಯನ್ನು ಜಿಲ್ಲೆಯಲ್ಲಿ ಪರಿಣಾಮಕಾರಿಯಾಗಿ ಜಾರಿಗೊಳಿಸಲು ಎಲ್ಲ ಇಲಾಖೆಗಳು ಸಮನ್ವಯದಿಂದ ಕಾರ್ಯನಿರ್ವಹಿಸಬೇಕು ಎಂದು ಹೆಚ್ಚುವರಿ ಜಿಲ್ಲಾಧಿಕಾರಿ ಸಿ.ಎಲ್.ಆನಂದ್ ಅವರು ಸೂಚನೆ ನೀಡಿದರು. ಜಿಲ್ಲಾಡಳಿತ ಭವನದ ಸಭಾಂಗಣದಲ್ಲಿ ನಡೆದ ಜಿಲ್ಲಾ ತಂಬಾಕು ನಿಯಂತ್ರಣ ಸಮನ್ವಯ ಸಮಿತಿ ಸಭೆಯ ಅಧ್ಯಕ್ಷತೆ ವಹಿಸಿ ಅವರು ಮಾತನಾಡಿದರು. ಶಾಲಾ ಕಾಲೇಜುಗಳ ನೂರು ಗಜ ವ್ಯಾಪ್ತಿಯಲ್ಲಿ ತಂಬಾಕು ಉತ್ಪನ್ನಗಳ ಮಾರಾಟವನ್ನು ನಿಷೇಧಿಸಲಾಗಿದೆ. ಸಾರ್ವಜನಿಕ ಸ್ಥಳಗಳಲ್ಲಿ ಧೂಮಪಾನ ಮಾಡುವವರ ವಿರುದ್ಧ ದಂಡ ವಿಧಿಸಬೇಕು. ತಂಬಾಕು ಸೇವನೆಯಿಂದ ಆರೋಗ್ಯದ ಮೇಲೆ ಉಂಟಾಗುವ ದುಷ್ಪರಿಣಾಮಗಳ ಬಗ್ಗೆ ಜನರಲ್ಲಿ ಅರಿವು ಮೂಡಿಸಬೇಕು ಎಂದು ತಿಳಿಸಿದರು. ಸಭೆಯಲ್ಲಿ ಜಿಲ್ಲಾ ಆರೋಗ್ಯಾಧಿಕಾರಿ, ಪೊಲೀಸ್ ಇಲಾಖೆ ಅಧಿಕಾರಿಗಳು, ಶಿಕ್ಷಣ ಇಲಾಖೆ ಅಧಿಕಾರಿಗಳು ಸೇರಿದಂತೆ ವಿವಿಧ ಇಲಾಖೆಗಳ ಅಧಿಕಾರಿಗಳು ಹಾಜರಿದ್ದರು.
ಚಾಮರಾಜನಗರ, ಮೇ.19– ತಂಬಾಕು ನಿಯಂತ್ರಣ ಕಾಯ್ದೆಯನ್ನು ಜಿಲ್ಲೆಯಲ್ಲಿ ಪರಿಣಾಮಕಾರಿಯಾಗಿ ಜಾರಿಗೊಳಿಸಲು ಎಲ್ಲ ಇಲಾಖೆಗಳು ಸಮನ್ವಯದಿಂದ ಕಾರ್ಯನಿರ್ವಹಿಸಬೇಕು ಎಂದು ಹೆಚ್ಚುವರಿ ಜಿಲ್ಲಾಧಿಕಾರಿ ಸಿ.ಎಲ್.ಆನಂದ್ ಅವರು ಸೂಚನೆ ನೀಡಿದರು. ಜಿಲ್ಲಾಡಳಿತ ಭವನದ ಸಭಾಂಗಣದಲ್ಲಿ ನಡೆದ ಜಿಲ್ಲಾ ತಂಬಾಕು ನಿಯಂತ್ರಣ ಸಮನ್ವಯ ಸಮಿತಿ ಸಭೆಯ ಅಧ್ಯಕ್ಷತೆ ವಹಿಸಿ ಅವರು ಮಾತನಾಡಿದರು. ಶಾಲಾ ಕಾಲೇಜುಗಳ ನೂರು ಗಜ ವ್ಯಾಪ್ತಿಯಲ್ಲಿ ತಂಬಾಕು ಉತ್ಪನ್ನಗಳ ಮಾರಾಟವನ್ನು ನಿಷೇಧಿಸಲಾಗಿದೆ. ಸಾರ್ವಜನಿಕ ಸ್ಥಳಗಳಲ್ಲಿ ಧೂಮಪಾನ ಮಾಡುವವರ ವಿರುದ್ಧ ದಂಡ ವಿಧಿಸಬೇಕು. ತಂಬಾಕು ಸೇವನೆಯಿಂದ ಆರೋಗ್ಯದ ಮೇಲೆ ಉಂಟಾಗುವ ದುಷ್ಪರಿಣಾಮಗಳ ಬಗ್ಗೆ ಜನರಲ್ಲಿ ಅರಿವು ಮೂಡಿಸಬೇಕು ಎಂದು ತಿಳಿಸಿದರು. ಸಭೆಯಲ್ಲಿ ಜಿಲ್ಲಾ ಆರೋಗ್ಯಾಧಿಕಾರಿ, ಪೊಲೀಸ್ ಇಲಾಖೆ ಅಧಿಕಾರಿಗಳು, ಶಿಕ್ಷಣ ಇಲಾಖೆ ಅಧಿಕಾರಿಗಳು ಸೇರಿದಂತೆ ವಿವಿಧ ಇಲಾಖೆಗಳ ಅಧಿಕಾರಿಗಳು ಹಾಜರಿದ್ದರು.
